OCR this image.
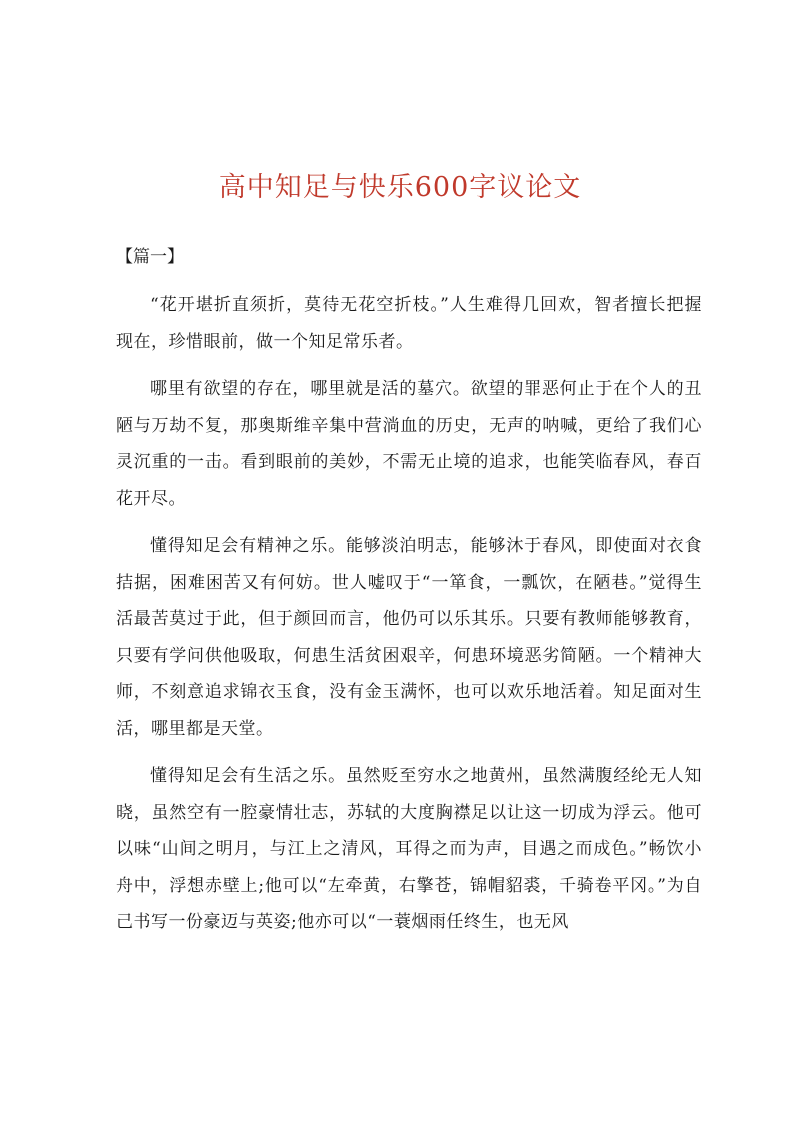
高中知足与快乐600字议论文

【篇一】

“花开堪折直须折，莫待无花空折枝。”人生难得几回欢，智者擅长把握现在，珍惜眼前，做一个知足常乐者。

哪里有欲望的存在，哪里就是活的墓穴。欲望的罪恶何止于在个人的丑陋与万劫不复，那奥斯维辛集中营淌血的历史，无声的呐喊，更给了我们心灵沉重的一击。看到眼前的美妙，不需无止境的追求，也能笑临春风，春百花开尽。

懂得知足会有精神之乐。能够淡泊明志，能够沐于春风，即使面对衣食拮据，困难困苦又有何妨。世人嘘叹于“一箪食，一瓢饮，在陋巷。”觉得生活最苦莫过于此，但于颜回而言，他仍可以乐其乐。只要有教师能够教育，只要有学问供他吸取，何患生活贫困艰辛，何患环境恶劣简陋。一个精神大师，不刻意追求锦衣玉食，没有金玉满怀，也可以欢乐地活着。知足面对生活，哪里都是天堂。

懂得知足会有生活之乐。虽然贬至穷水之地黄州，虽然满腹经纶无人知晓，虽然空有一腔豪情壮志，苏轼的大度胸襟足以让这一切成为浮云。他可以味“山间之明月，与江上之清风，耳得之而为声，目遇之而成色。”畅饮小舟中，浮想赤壁上;他可以“左牵黄，右擎苍，锦帽貂裘，千骑卷平冈。”为自己书写一份豪迈与英姿;他亦可以“一蓑烟雨任终生，也无风
